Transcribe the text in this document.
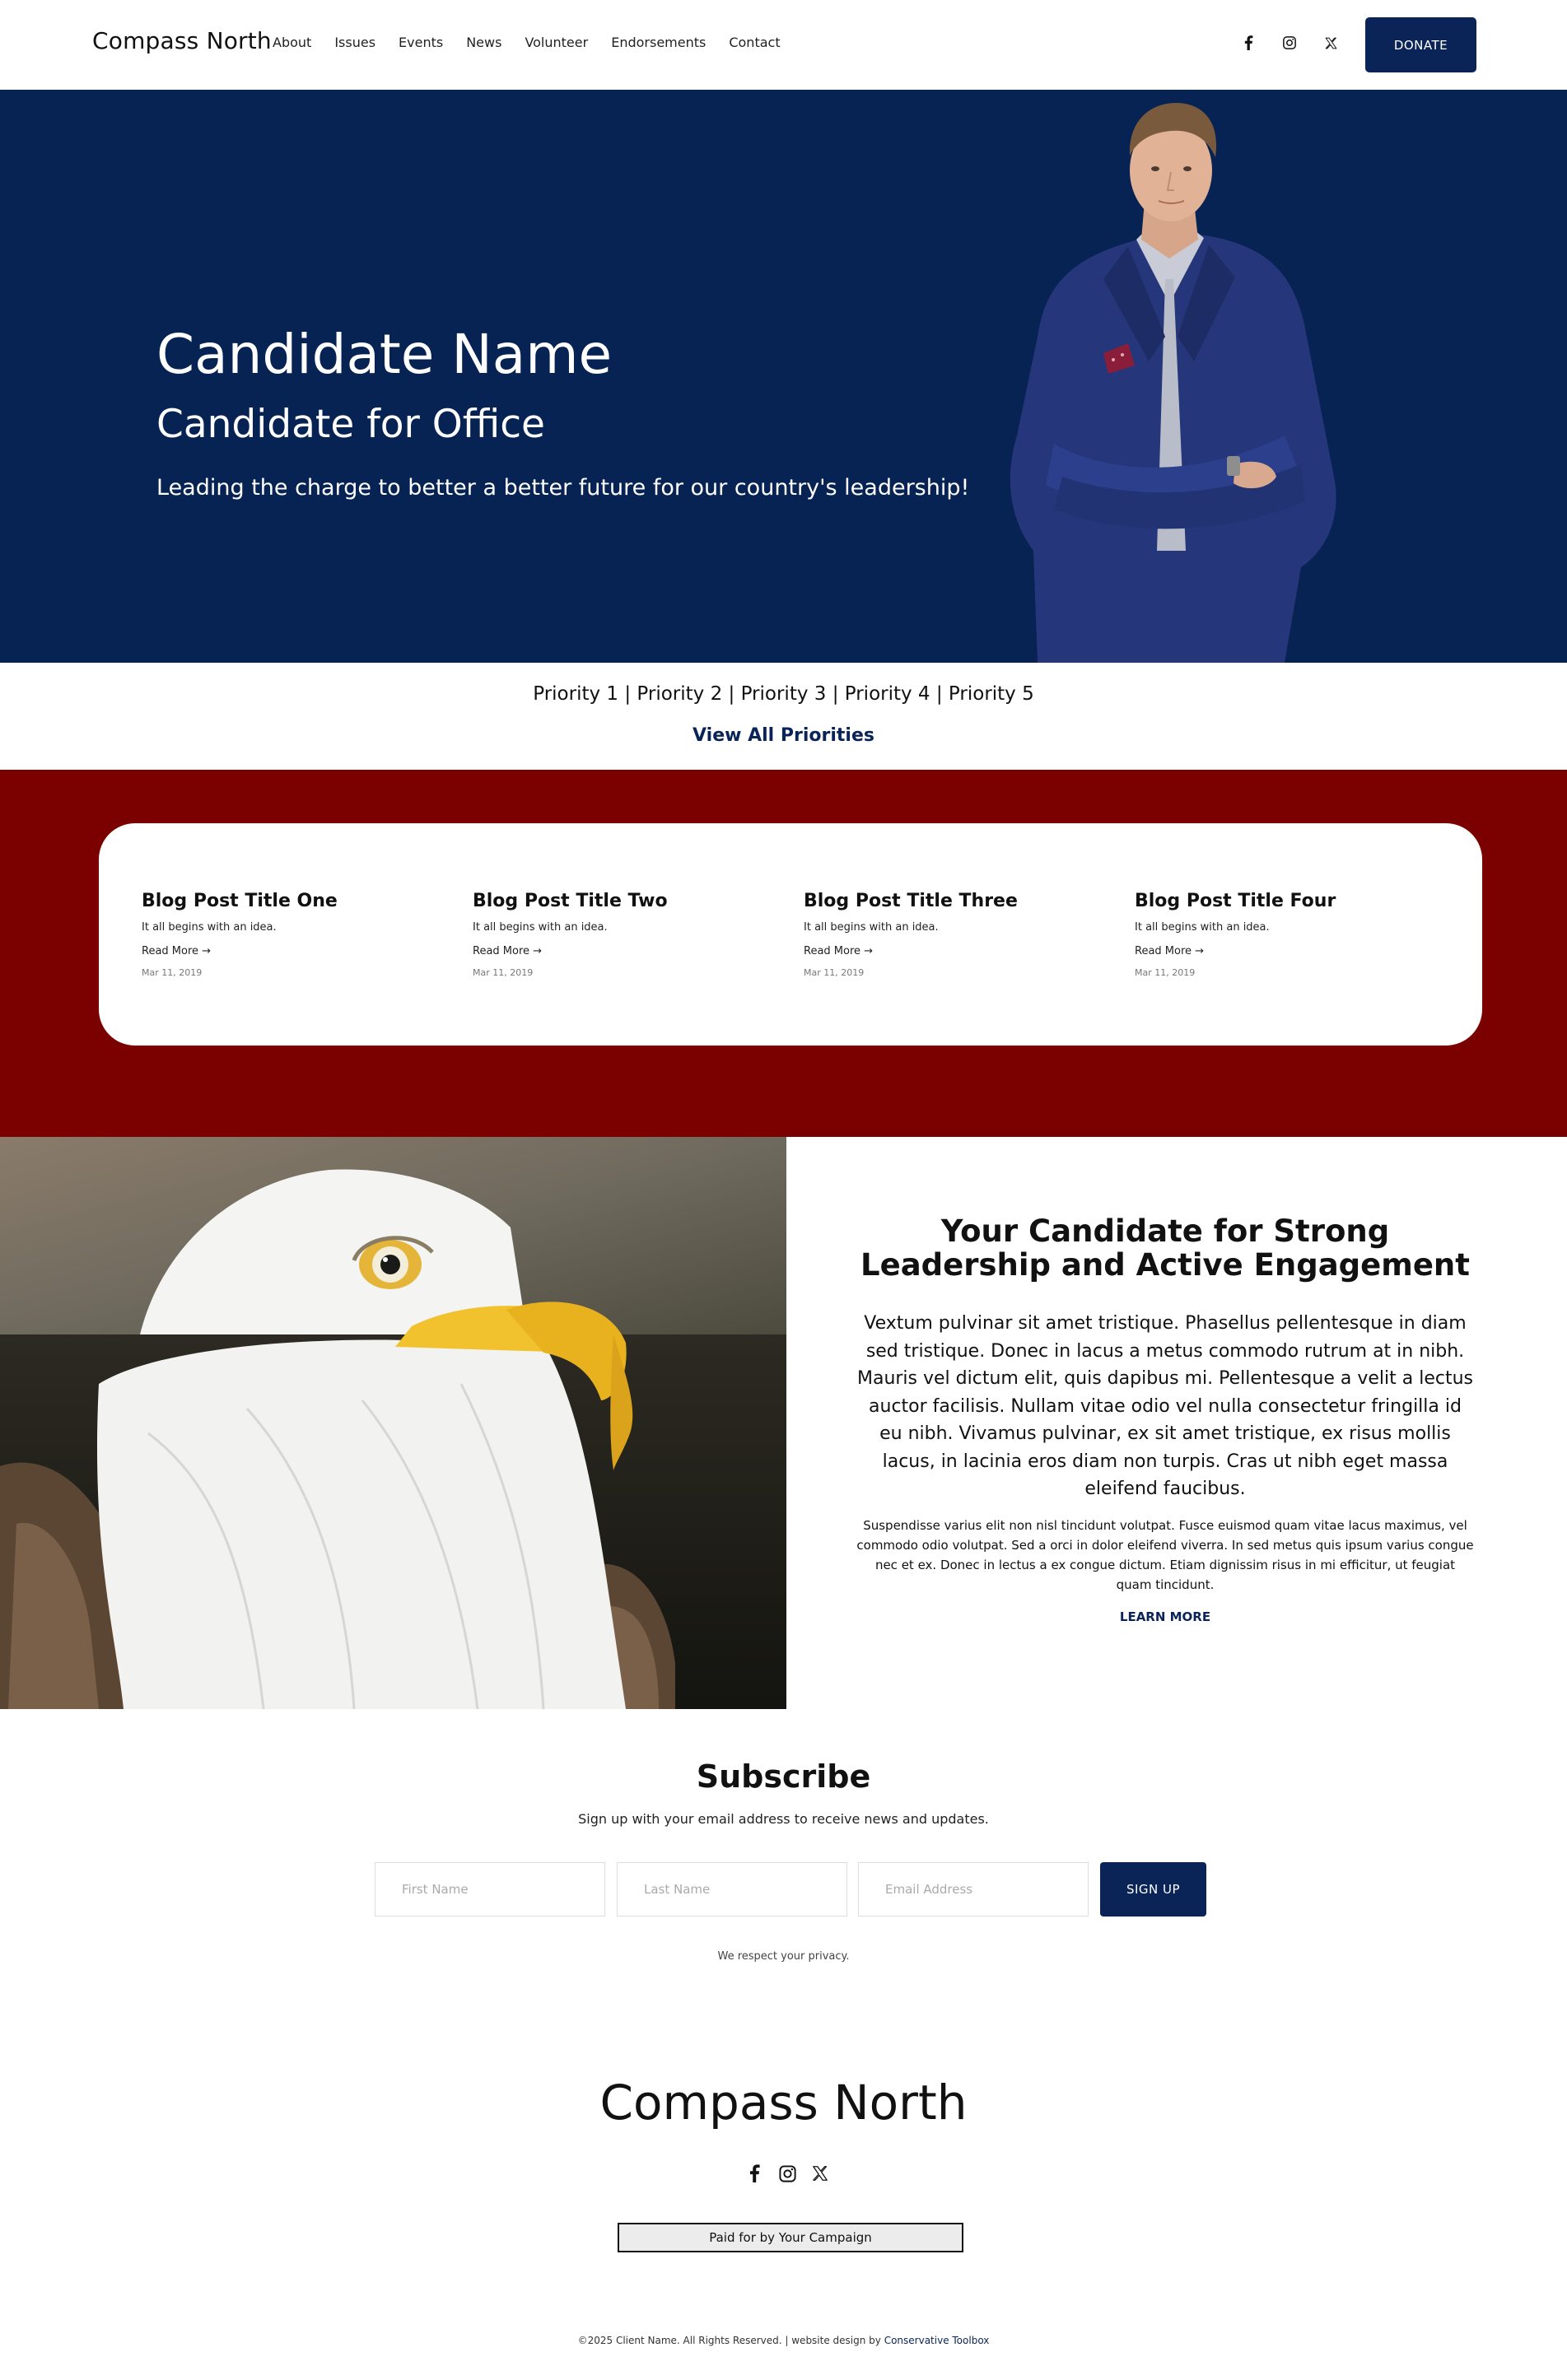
Compass North About Issues Events News Volunteer Endorsements Contact	DONATE
Candidate Name
Candidate for Office

Leading the charge to better a better future for our country's leadership!

Priority 1 | Priority 2 | Priority 3 | Priority 4 | Priority 5

View All Priorities

Blog Post Title One

It all begins with an idea.

Read More →

Mar 11, 2019

Blog Post Title Two

It all begins with an idea.

Read More →

Mar 11, 2019

Blog Post Title Three

It all begins with an idea.

Read More →

Mar 11, 2019

Blog Post Title Four

It all begins with an idea.

Read More →

Mar 11, 2019

Your Candidate for Strong Leadership and Active Engagement

Vextum pulvinar sit amet tristique. Phasellus pellentesque in diam sed tristique. Donec in lacus a metus commodo rutrum at in nibh. Mauris vel dictum elit, quis dapibus mi. Pellentesque a velit a lectus auctor facilisis. Nullam vitae odio vel nulla consectetur fringilla id eu nibh. Vivamus pulvinar, ex sit amet tristique, ex risus mollis lacus, in lacinia eros diam non turpis. Cras ut nibh eget massa eleifend faucibus.

Suspendisse varius elit non nisl tincidunt volutpat. Fusce euismod quam vitae lacus maximus, vel commodo odio volutpat. Sed a orci in dolor eleifend viverra. In sed metus quis ipsum varius congue nec et ex. Donec in lectus a ex congue dictum. Etiam dignissim risus in mi efficitur, ut feugiat quam tincidunt.

LEARN MORE

Subscribe

Sign up with your email address to receive news and updates.

First Name
Last Name
Email Address
SIGN UP

We respect your privacy.

Compass North
Paid for by Your Campaign

©2025 Client Name. All Rights Reserved. | website design by Conservative Toolbox
